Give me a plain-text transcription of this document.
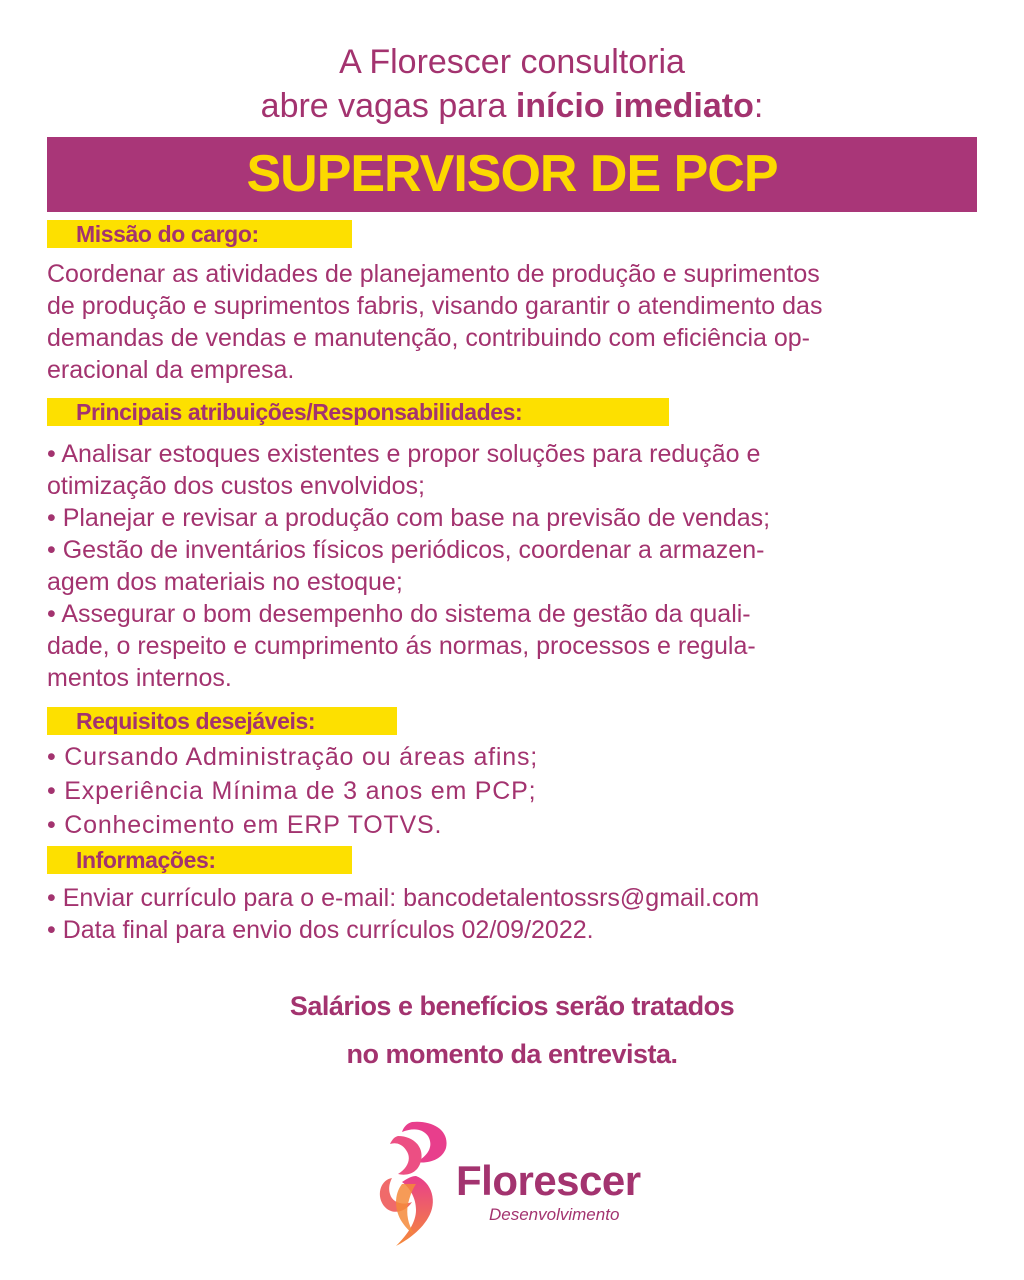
A Florescer consultoria
abre vagas para início imediato:
SUPERVISOR DE PCP
Missão do cargo:
Coordenar as atividades de planejamento de produção e suprimentos
de produção e suprimentos fabris, visando garantir o atendimento das
demandas de vendas e manutenção, contribuindo com eficiência op-
eracional da empresa.
Principais atribuições/Responsabilidades:
• Analisar estoques existentes e propor soluções para redução e
otimização dos custos envolvidos;
• Planejar e revisar a produção com base na previsão de vendas;
• Gestão de inventários físicos periódicos, coordenar a armazen-
agem dos materiais no estoque;
• Assegurar o bom desempenho do sistema de gestão da quali-
dade, o respeito e cumprimento ás normas, processos e regula-
mentos internos.
Requisitos desejáveis:
• Cursando Administração ou áreas afins;
• Experiência Mínima de 3 anos em PCP;
• Conhecimento em ERP TOTVS.
Informações:
• Enviar currículo para o e-mail: bancodetalentossrs@gmail.com
• Data final para envio dos currículos 02/09/2022.
Salários e benefícios serão tratados
no momento da entrevista.
Florescer
Desenvolvimento
